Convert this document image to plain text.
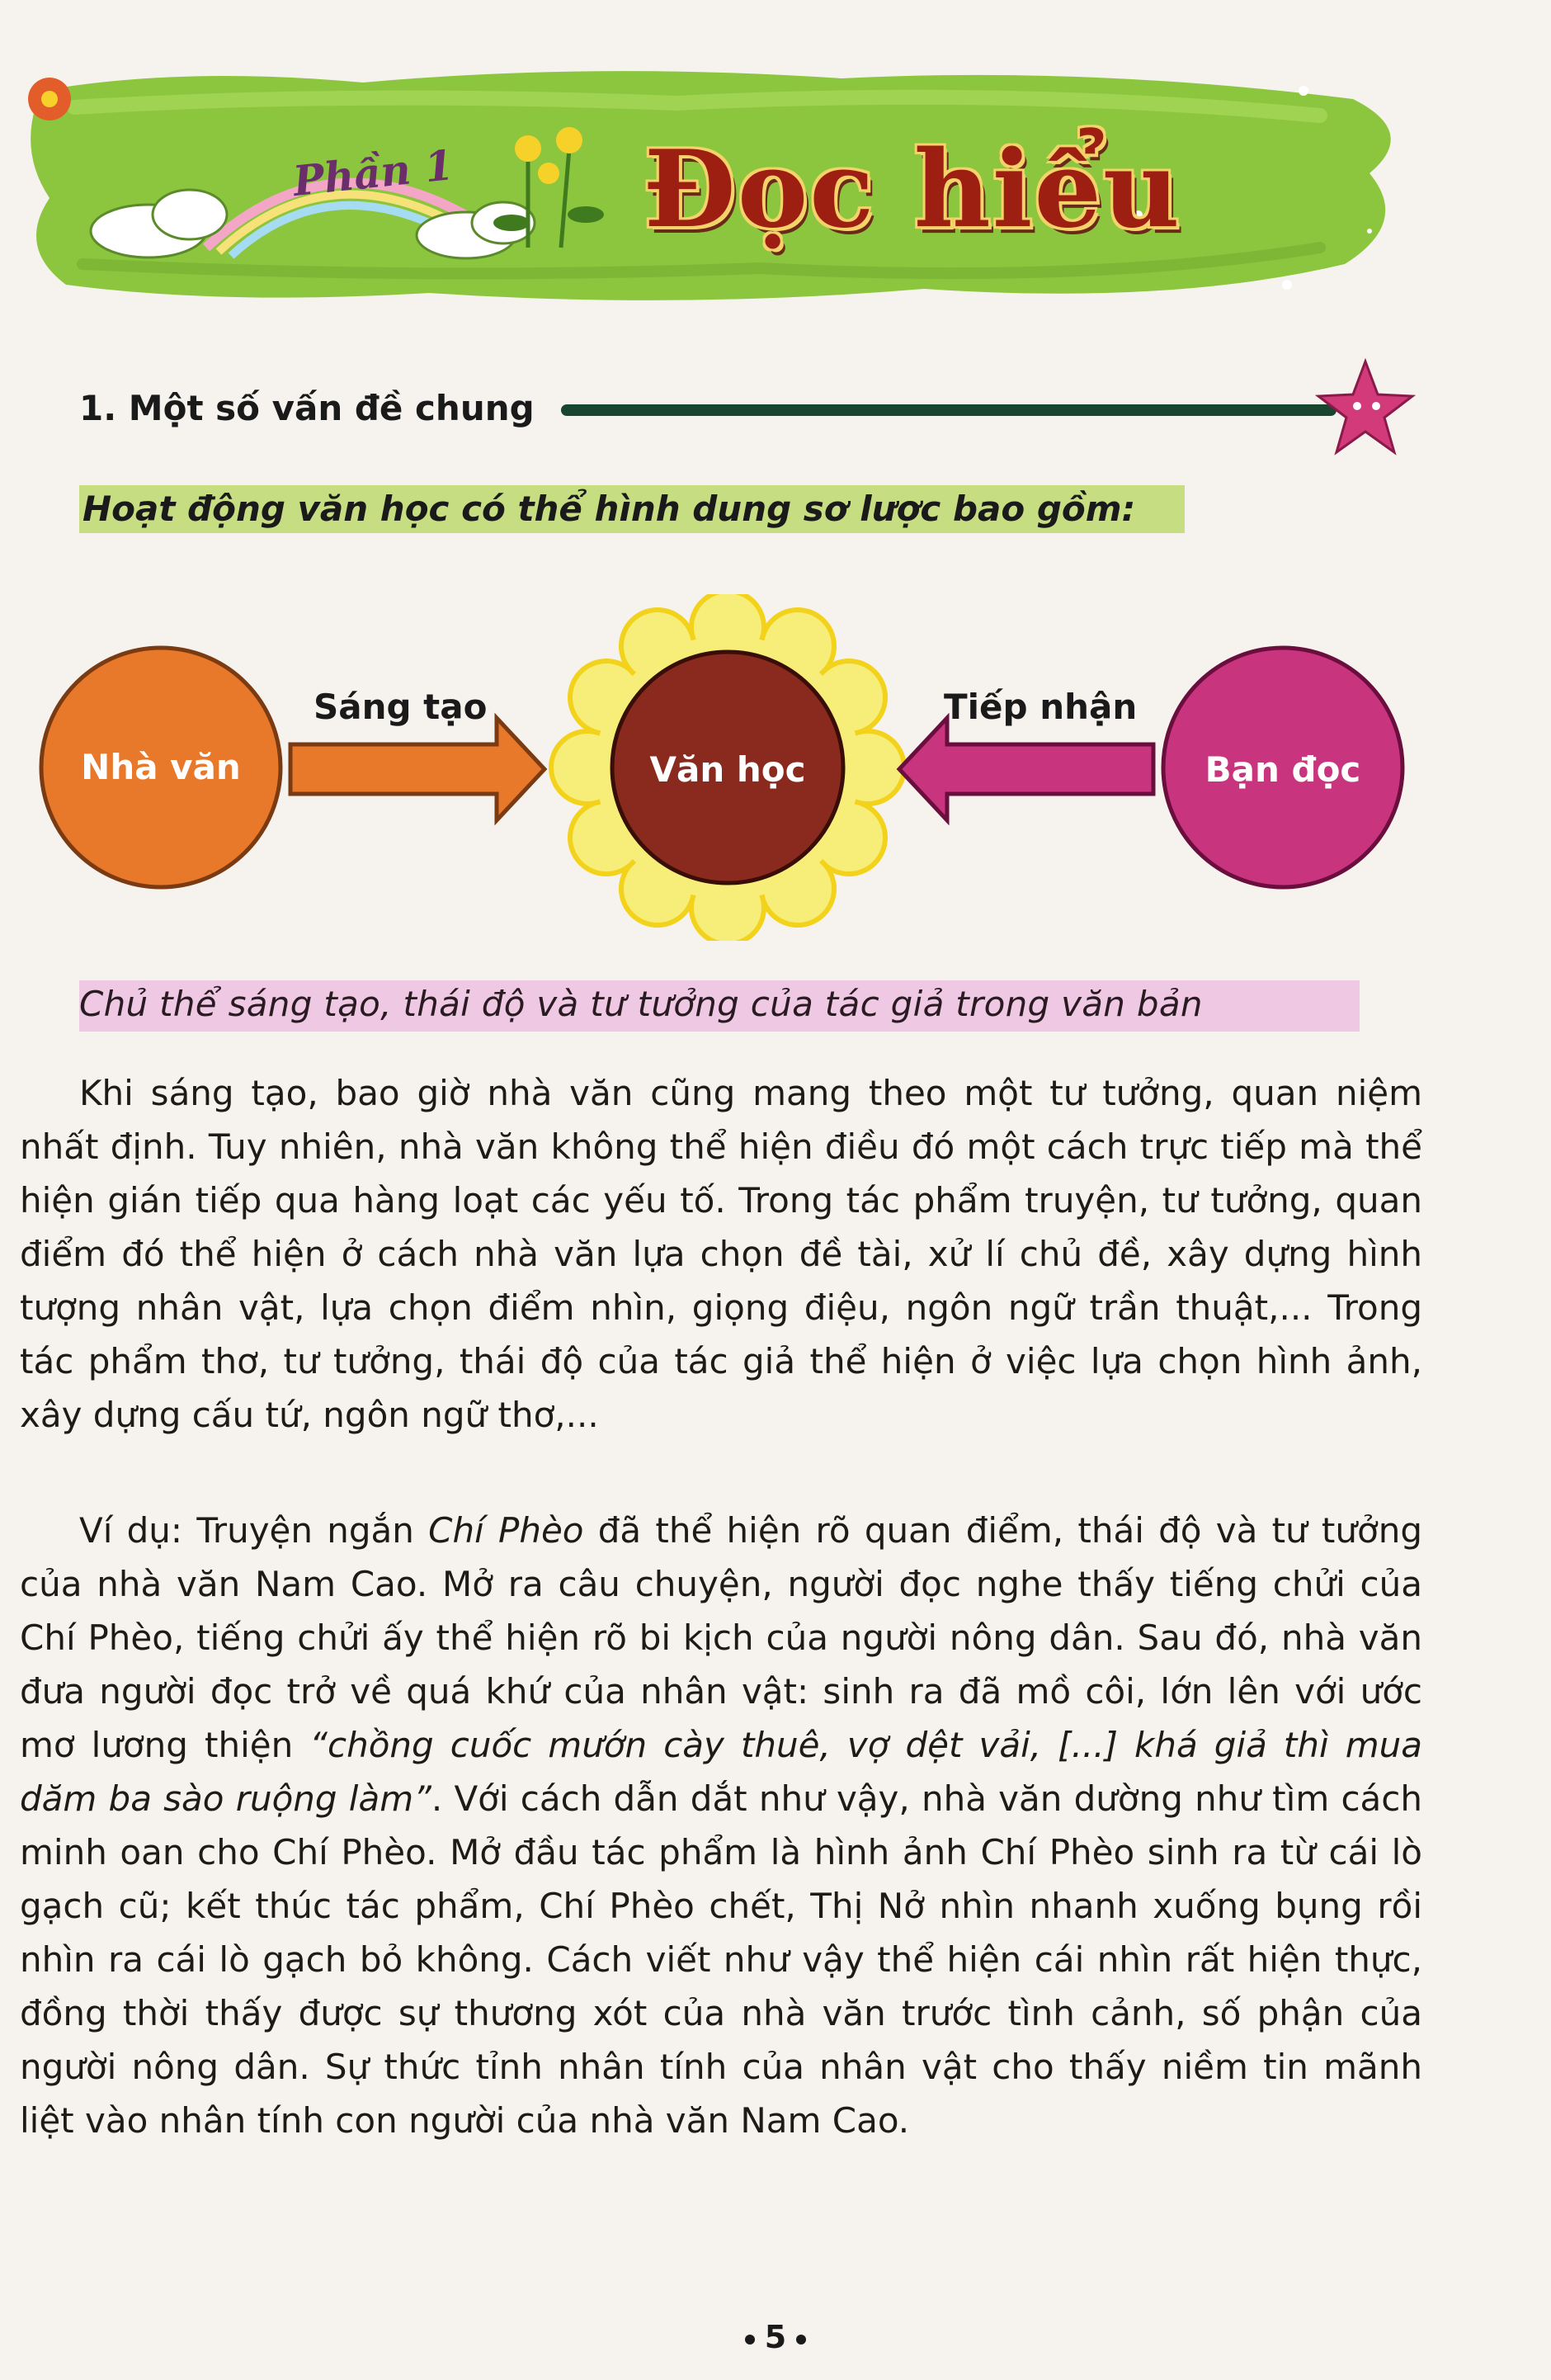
Phần 1 Đọc hiểu
1. Một số vấn đề chung
Hoạt động văn học có thể hình dung sơ lược bao gồm:
Nhà văn	Văn học	Bạn đọc
Sáng tạo	Tiếp nhận
Chủ thể sáng tạo, thái độ và tư tưởng của tác giả trong văn bản
Khi sáng tạo, bao giờ nhà văn cũng mang theo một tư tưởng, quan niệm nhất định. Tuy nhiên, nhà văn không thể hiện điều đó một cách trực tiếp mà thể hiện gián tiếp qua hàng loạt các yếu tố. Trong tác phẩm truyện, tư tưởng, quan điểm đó thể hiện ở cách nhà văn lựa chọn đề tài, xử lí chủ đề, xây dựng hình tượng nhân vật, lựa chọn điểm nhìn, giọng điệu, ngôn ngữ trần thuật,... Trong tác phẩm thơ, tư tưởng, thái độ của tác giả thể hiện ở việc lựa chọn hình ảnh, xây dựng cấu tứ, ngôn ngữ thơ,...
Ví dụ: Truyện ngắn Chí Phèo đã thể hiện rõ quan điểm, thái độ và tư tưởng của nhà văn Nam Cao. Mở ra câu chuyện, người đọc nghe thấy tiếng chửi của Chí Phèo, tiếng chửi ấy thể hiện rõ bi kịch của người nông dân. Sau đó, nhà văn đưa người đọc trở về quá khứ của nhân vật: sinh ra đã mồ côi, lớn lên với ước mơ lương thiện “chồng cuốc mướn cày thuê, vợ dệt vải, [...] khá giả thì mua dăm ba sào ruộng làm”. Với cách dẫn dắt như vậy, nhà văn dường như tìm cách minh oan cho Chí Phèo. Mở đầu tác phẩm là hình ảnh Chí Phèo sinh ra từ cái lò gạch cũ; kết thúc tác phẩm, Chí Phèo chết, Thị Nở nhìn nhanh xuống bụng rồi nhìn ra cái lò gạch bỏ không. Cách viết như vậy thể hiện cái nhìn rất hiện thực, đồng thời thấy được sự thương xót của nhà văn trước tình cảnh, số phận của người nông dân. Sự thức tỉnh nhân tính của nhân vật cho thấy niềm tin mãnh liệt vào nhân tính con người của nhà văn Nam Cao.
5
